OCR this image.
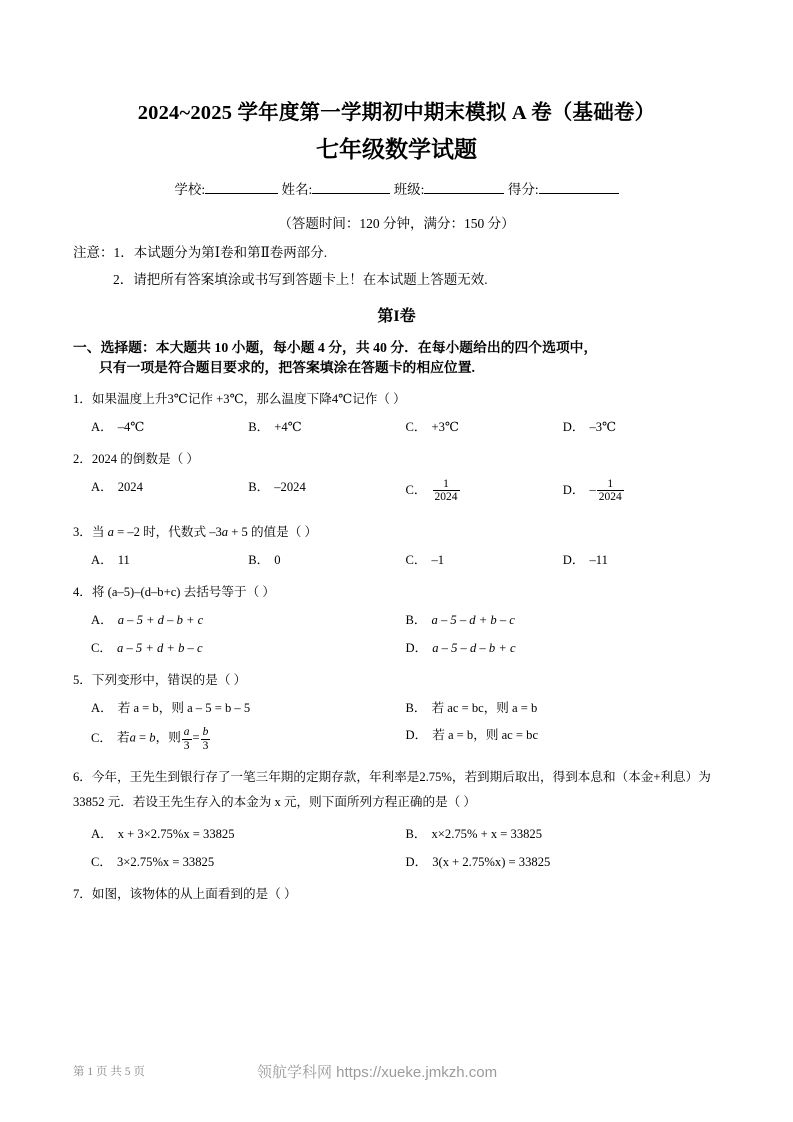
2024~2025 学年度第一学期初中期末模拟 A 卷（基础卷）
七年级数学试题
学校:	姓名:	班级:	得分:
（答题时间：120 分钟，满分：150 分）
注意：1．本试题分为第Ⅰ卷和第Ⅱ卷两部分.
2．请把所有答案填涂或书写到答题卡上！在本试题上答题无效.
第I卷
一、选择题：本大题共 10 小题，每小题 4 分，共 40 分．在每小题给出的四个选项中，
只有一项是符合题目要求的，把答案填涂在答题卡的相应位置.
1．如果温度上升3℃记作 +3℃，那么温度下降4℃记作（ ）
A． –4℃	B． +4℃	C． +3℃	D． –3℃
2．2024 的倒数是（ ）
A． 2024	B． –2024	C． $\frac{1}{2024}$	D． – $\frac{1}{2024}$
3．当 a = –2 时，代数式 –3a + 5 的值是（ ）
A． 11	B． 0	C． –1	D． –11
4．将 (a–5)–(d–b+c) 去括号等于（ ）
A． a – 5 + d – b + c	B． a – 5 – d + b – c
C． a – 5 + d + b – c	D． a – 5 – d – b + c
5．下列变形中，错误的是（ ）
A． 若 a = b，则 a – 5 = b – 5	B． 若 ac = bc，则 a = b
C． 若a = b，则 $\frac{a}{3} = \frac{b}{3}$	D． 若 a = b，则 ac = bc
6．今年，王先生到银行存了一笔三年期的定期存款，年利率是2.75%，若到期后取出，得到本息和（本金+利息）为33852 元．若设王先生存入的本金为 x 元，则下面所列方程正确的是（ ）
A． x + 3×2.75%x = 33825	B． x×2.75% + x = 33825
C． 3×2.75%x = 33825	D． 3(x + 2.75%x) = 33825
7．如图，该物体的从上面看到的是（ ）
第 1 页 共 5 页	领航学科网 https://xueke.jmkzh.com
